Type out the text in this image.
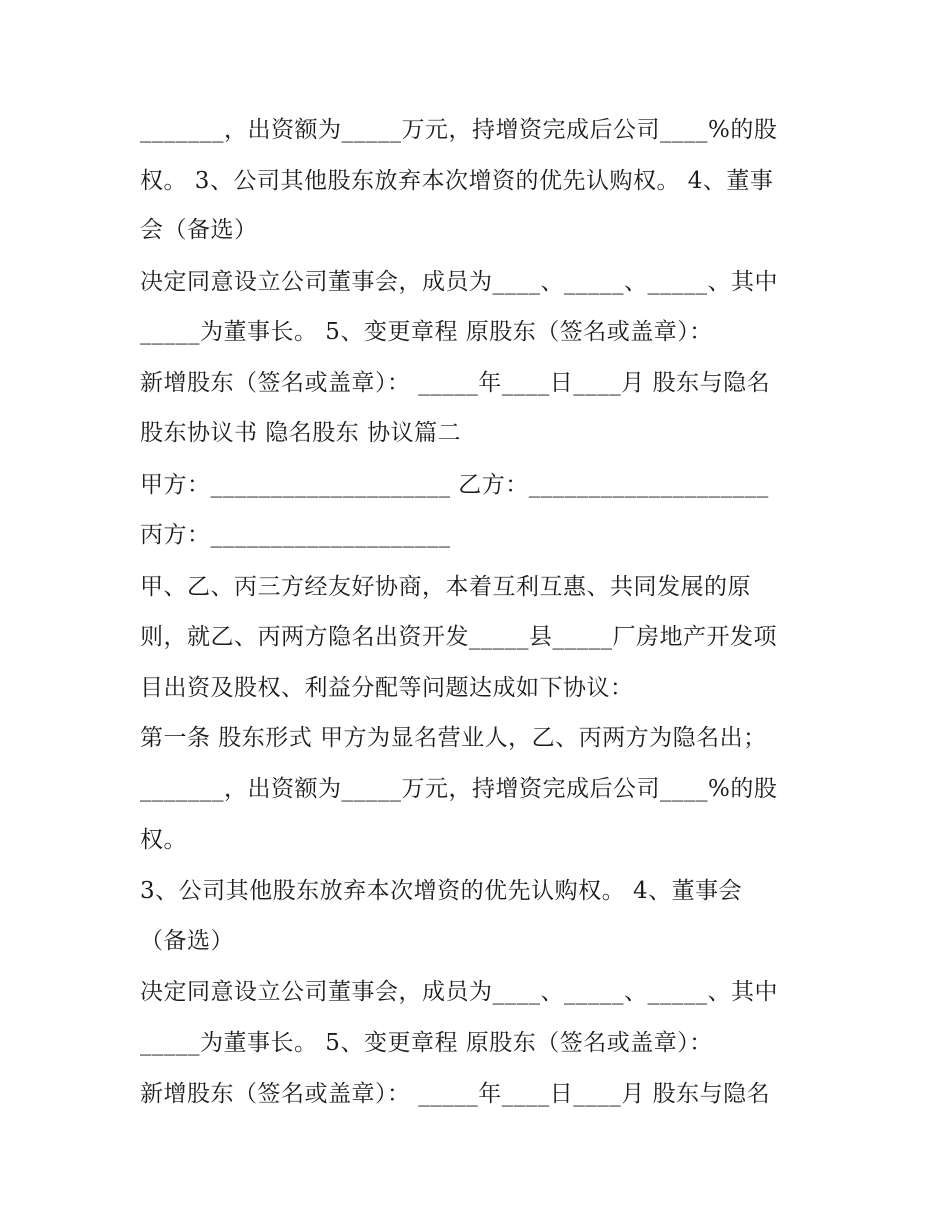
_______，出资额为_____万元，持增资完成后公司____%的股
权。 3、公司其他股东放弃本次增资的优先认购权。 4、董事
会（备选）
决定同意设立公司董事会，成员为____、_____、_____、其中
_____为董事长。 5、变更章程 原股东（签名或盖章）：
新增股东（签名或盖章）： _____年____日____月 股东与隐名
股东协议书 隐名股东 协议篇二
甲方：____________________ 乙方：____________________
丙方：____________________
甲、乙、丙三方经友好协商，本着互利互惠、共同发展的原
则，就乙、丙两方隐名出资开发_____县_____厂房地产开发项
目出资及股权、利益分配等问题达成如下协议：
第一条 股东形式 甲方为显名营业人，乙、丙两方为隐名出；
_______，出资额为_____万元，持增资完成后公司____%的股
权。
3、公司其他股东放弃本次增资的优先认购权。 4、董事会
（备选）
决定同意设立公司董事会，成员为____、_____、_____、其中
_____为董事长。 5、变更章程 原股东（签名或盖章）：
新增股东（签名或盖章）： _____年____日____月 股东与隐名
